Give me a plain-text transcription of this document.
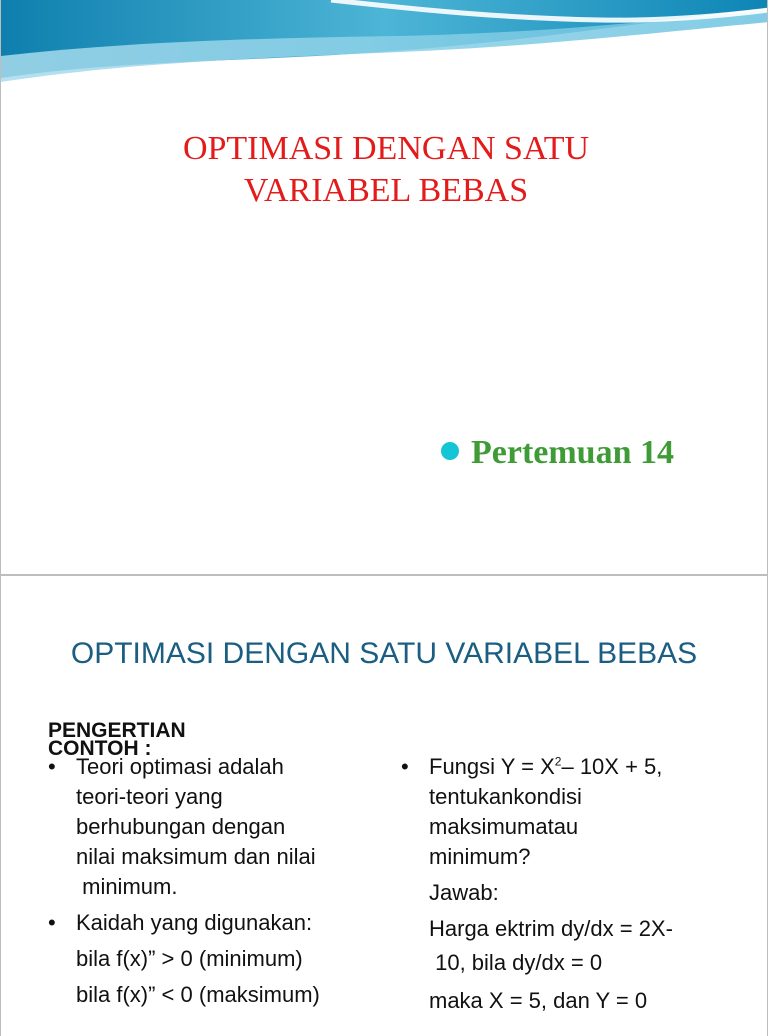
OPTIMASI DENGAN SATU
VARIABEL BEBAS
Pertemuan 14
OPTIMASI DENGAN SATU VARIABEL BEBAS
PENGERTIAN
CONTOH :
• Teori optimasi adalah
teori-teori yang
berhubungan dengan
nilai maksimum dan nilai
minimum.
• Kaidah yang digunakan:
bila f(x)” > 0 (minimum)
bila f(x)” < 0 (maksimum)
• Fungsi $Y = X^2-$ 10X + 5,
tentukankondisi
maksimumatau
minimum?
Jawab:
Harga ektrim dy/dx = 2X-
10, bila dy/dx = 0
maka X = 5, dan Y = 0
